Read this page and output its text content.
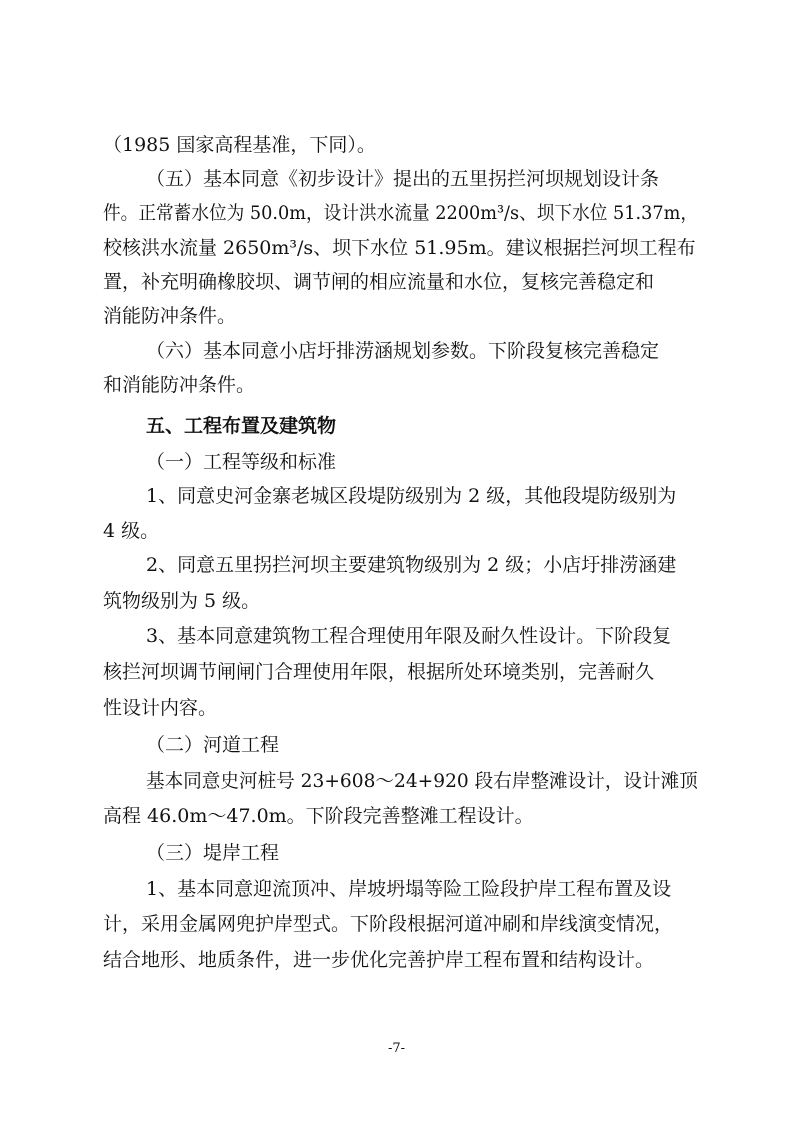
（1985 国家高程基准，下同）。
（五）基本同意《初步设计》提出的五里拐拦河坝规划设计条
件。正常蓄水位为 50.0m，设计洪水流量 2200m³/s、坝下水位 51.37m，
校核洪水流量 2650m³/s、坝下水位 51.95m。建议根据拦河坝工程布
置，补充明确橡胶坝、调节闸的相应流量和水位，复核完善稳定和
消能防冲条件。
（六）基本同意小店圩排涝涵规划参数。下阶段复核完善稳定
和消能防冲条件。
五、工程布置及建筑物
（一）工程等级和标准
1、同意史河金寨老城区段堤防级别为 2 级，其他段堤防级别为
4 级。
2、同意五里拐拦河坝主要建筑物级别为 2 级；小店圩排涝涵建
筑物级别为 5 级。
3、基本同意建筑物工程合理使用年限及耐久性设计。下阶段复
核拦河坝调节闸闸门合理使用年限，根据所处环境类别，完善耐久
性设计内容。
（二）河道工程
基本同意史河桩号 23+608～24+920 段右岸整滩设计，设计滩顶
高程 46.0m～47.0m。下阶段完善整滩工程设计。
（三）堤岸工程
1、基本同意迎流顶冲、岸坡坍塌等险工险段护岸工程布置及设
计，采用金属网兜护岸型式。下阶段根据河道冲刷和岸线演变情况，
结合地形、地质条件，进一步优化完善护岸工程布置和结构设计。
-7-
